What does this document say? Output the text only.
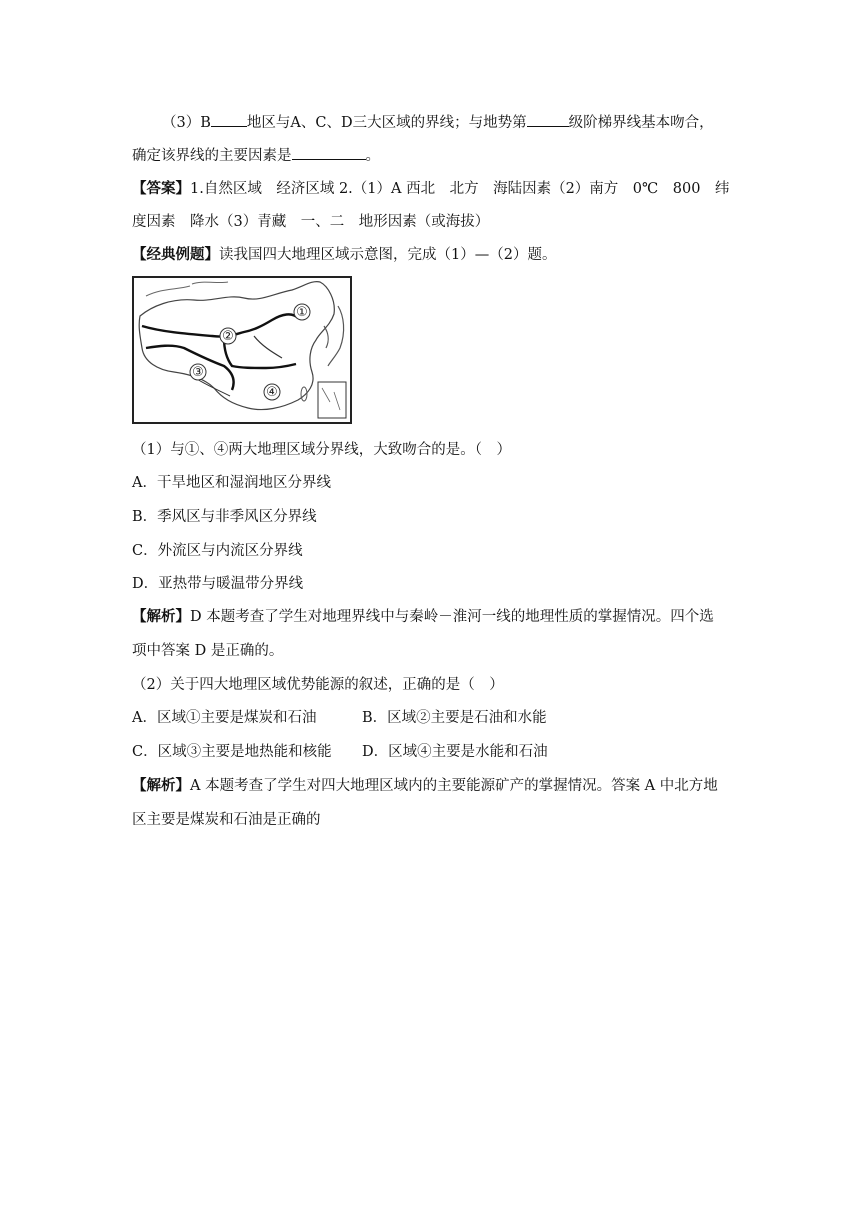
（3）B 地区与A、C、D三大区域的界线；与地势第	级阶梯界线基本吻合，
确定该界线的主要因素是	。
【答案】1.自然区域　经济区域 2.（1）A 西北　北方　海陆因素（2）南方　0℃　800　纬
度因素　降水（3）青藏　一、二　地形因素（或海拔）
【经典例题】读我国四大地理区域示意图，完成（1）—（2）题。
①
②
③
④
（1）与①、④两大地理区域分界线，大致吻合的是。（　）
A．干旱地区和湿润地区分界线
B．季风区与非季风区分界线
C．外流区与内流区分界线
D．亚热带与暖温带分界线
【解析】D 本题考查了学生对地理界线中与秦岭－淮河一线的地理性质的掌握情况。四个选
项中答案 D 是正确的。
（2）关于四大地理区域优势能源的叙述，正确的是（　）
A．区域①主要是煤炭和石油	B．区域②主要是石油和水能
C．区域③主要是地热能和核能 D．区域④主要是水能和石油
【解析】A 本题考查了学生对四大地理区域内的主要能源矿产的掌握情况。答案 A 中北方地
区主要是煤炭和石油是正确的
